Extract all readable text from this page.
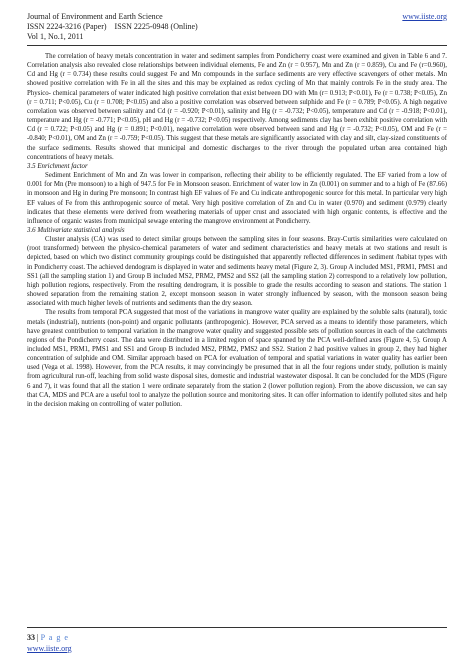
Journal of Environment and Earth Science
ISSN 2224-3216 (Paper)    ISSN 2225-0948 (Online)
Vol 1, No.1, 2011
www.iiste.org

The correlation of heavy metals concentration in water and sediment samples from Pondicherry coast were examined and given in Table 6 and 7. Correlation analysis also revealed close relationships between individual elements, Fe and Zn (r = 0.957), Mn and Zn (r = 0.859), Cu and Fe (r=0.960), Cd and Hg (r = 0.734) these results could suggest Fe and Mn compounds in the surface sediments are very effective scavengers of other metals. Mn showed positive correlation with Fe in all the sites and this may be explained as redox cycling of Mn that mainly controls Fe in the study area. The Physico- chemical parameters of water indicated high positive correlation that exist between DO with Mn (r= 0.913; P<0.01), Fe (r = 0.738; P<0.05), Zn (r = 0.711; P<0.05), Cu (r = 0.708; P<0.05) and also a positive correlation was observed between sulphide and Fe (r = 0.789; P<0.05). A high negative correlation was observed between salinity and Cd (r = -0.920; P<0.01), salinity and Hg (r = -0.732; P<0.05), temperature and Cd (r = -0.918; P<0.01), temperature and Hg (r = -0.771; P<0.05), pH and Hg (r = -0.732; P<0.05) respectively. Among sediments clay has been exhibit positive correlation with Cd (r = 0.722; P<0.05) and Hg (r = 0.891; P<0.01), negative correlation were observed between sand and Hg (r = -0.732; P<0.05), OM and Fe (r = -0.840; P<0.01), OM and Zn (r = -0.759; P<0.05). This suggest that these metals are significantly associated with clay and silt, clay-sized constituents of the surface sediments. Results showed that municipal and domestic discharges to the river through the populated urban area contained high concentrations of heavy metals.

3.5 Enrichment factor

Sediment Enrichment of Mn and Zn was lower in comparison, reflecting their ability to be efficiently regulated. The EF varied from a low of 0.001 for Mn (Pre monsoon) to a high of 947.5 for Fe in Monsoon season. Enrichment of water low in Zn (0.001) on summer and to a high of Fe (87.66) in monsoon and Hg in during Pre monsoon; In contrast high EF values of Fe and Cu indicate anthropogenic source for this metal. In particular very high EF values of Fe from this anthropogenic source of metal. Very high positive correlation of Zn and Cu in water (0.970) and sediment (0.979) clearly indicates that these elements were derived from weathering materials of upper crust and associated with high organic contents, is effective and the influence of organic wastes from municipal sewage entering the mangrove environment at Pondicherry.

3.6 Multivariate statistical analysis

Cluster analysis (CA) was used to detect similar groups between the sampling sites in four seasons. Bray-Curtis similarities were calculated on (root transformed) between the physico-chemical parameters of water and sediment characteristics and heavy metals at two stations and result is depicted, based on which two distinct community groupings could be distinguished that apparently reflected differences in sediment /habitat types with in Pondicherry coast. The achieved dendogram is displayed in water and sediments heavy metal (Figure 2, 3). Group A included MS1, PRM1, PMS1 and SS1 (all the sampling station 1) and Group B included MS2, PRM2, PMS2 and SS2 (all the sampling station 2) correspond to a relatively low pollution, high pollution regions, respectively. From the resulting dendrogram, it is possible to grade the results according to season and stations. The station 1 showed separation from the remaining station 2, except monsoon season in water strongly influenced by season, with the monsoon season being associated with much higher levels of nutrients and sediments than the dry season.

The results from temporal PCA suggested that most of the variations in mangrove water quality are explained by the soluble salts (natural), toxic metals (industrial), nutrients (non-point) and organic pollutants (anthropogenic). However, PCA served as a means to identify those parameters, which have greatest contribution to temporal variation in the mangrove water quality and suggested possible sets of pollution sources in each of the catchments regions of the Pondicherry coast. The data were distributed in a limited region of space spanned by the PCA well-defined axes (Figure 4, 5). Group A included MS1, PRM1, PMS1 and SS1 and Group B included MS2, PRM2, PMS2 and SS2. Station 2 had positive values in group 2, they had higher concentration of sulphide and OM. Similar approach based on PCA for evaluation of temporal and spatial variations in water quality has earlier been used (Vega et al. 1998). However, from the PCA results, it may convincingly be presumed that in all the four regions under study, pollution is mainly from agricultural run-off, leaching from solid waste disposal sites, domestic and industrial wastewater disposal. It can be concluded for the MDS (Figure 6 and 7), it was found that all the station 1 were ordinate separately from the station 2 (lower pollution region). From the above discussion, we can say that CA, MDS and PCA are a useful tool to analyze the pollution source and monitoring sites. It can offer information to identify polluted sites and help in the decision making on controlling of water pollution.

33 | P a g e
www.iiste.org
